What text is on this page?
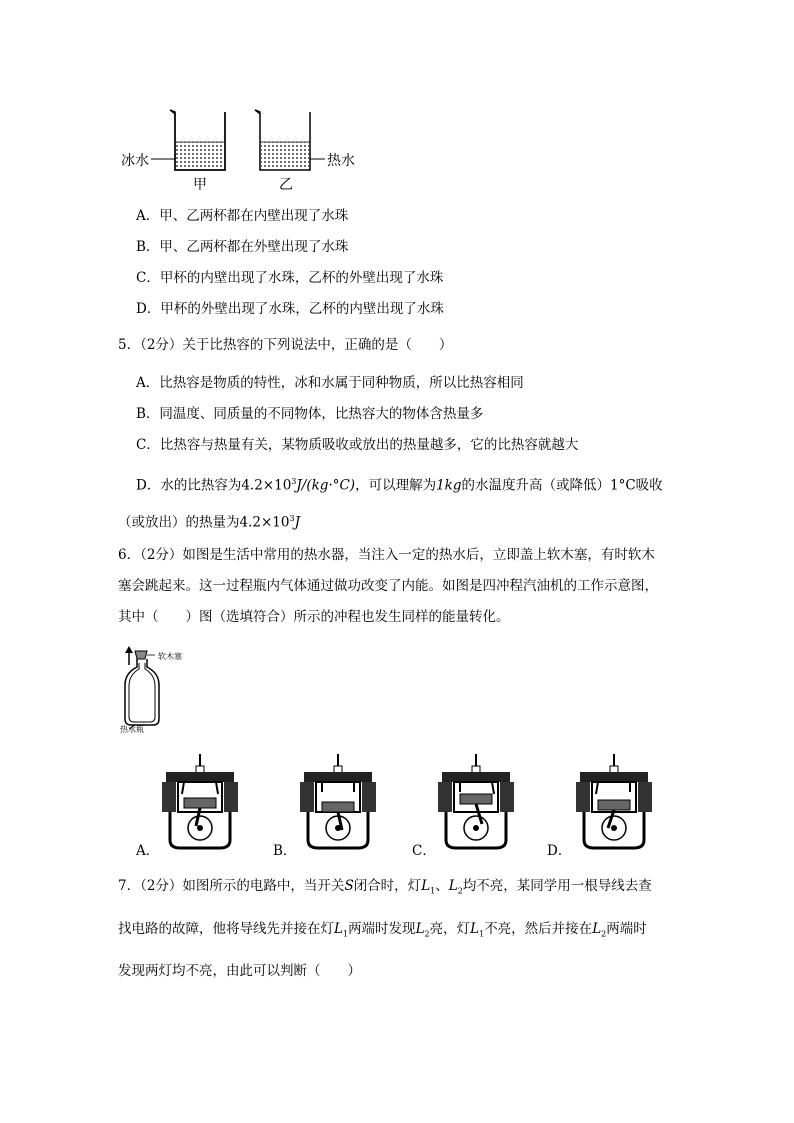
冰水	热水
甲	乙
A．甲、乙两杯都在内壁出现了水珠
B．甲、乙两杯都在外壁出现了水珠
C．甲杯的内壁出现了水珠，乙杯的外壁出现了水珠
D．甲杯的外壁出现了水珠，乙杯的内壁出现了水珠
5．（2分）关于比热容的下列说法中，正确的是（　　）
A．比热容是物质的特性，冰和水属于同种物质，所以比热容相同
B．同温度、同质量的不同物体，比热容大的物体含热量多
C．比热容与热量有关，某物质吸收或放出的热量越多，它的比热容就越大
D．水的比热容为$4.2\times 10^3J/(kg\cdot^\circ C)$，可以理解为1kg的水温度升高（或降低）1°C吸收
（或放出）的热量为$4.2\times 10^3J$
6．（2分）如图是生活中常用的热水器，当注入一定的热水后，立即盖上软木塞，有时软木
塞会跳起来。这一过程瓶内气体通过做功改变了内能。如图是四冲程汽油机的工作示意图，
其中（　　）图（选填符合）所示的冲程也发生同样的能量转化。
软木塞
热水瓶
A．	B．	C．	D．
7．（2分）如图所示的电路中，当开关S闭合时，灯$L_1$、$L_2$均不亮，某同学用一根导线去查
找电路的故障，他将导线先并接在灯$L_1$两端时发现$L_2$亮，灯$L_1$不亮，然后并接在$L_2$两端时
发现两灯均不亮，由此可以判断（　　）
